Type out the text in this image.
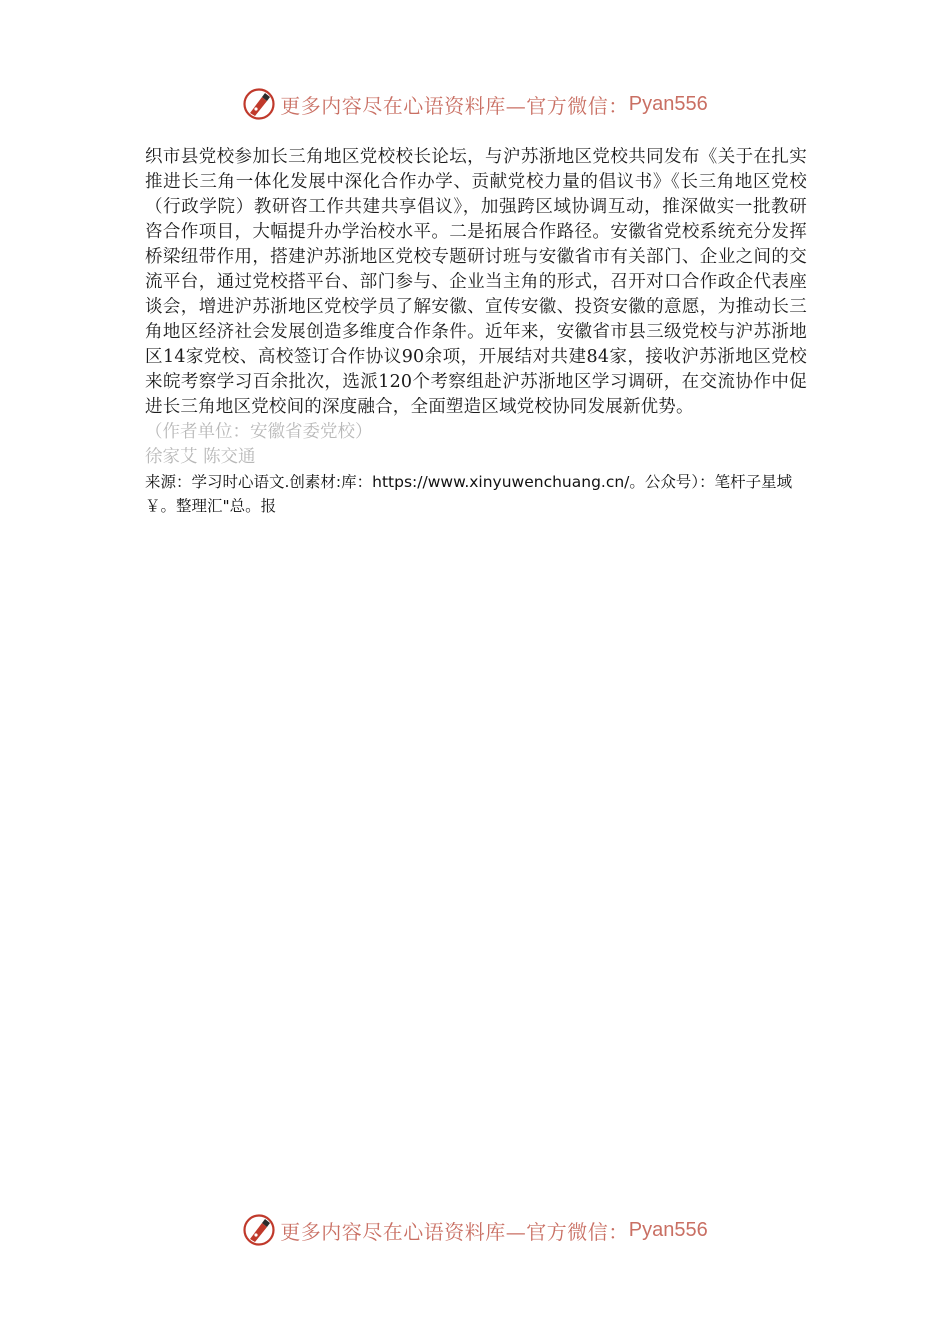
更多内容尽在心语资料库—官方微信： Pyan556

织市县党校参加长三角地区党校校长论坛，与沪苏浙地区党校共同发布《关于在扎实推进长三角一体化发展中深化合作办学、贡献党校力量的倡议书》《长三角地区党校（行政学院）教研咨工作共建共享倡议》，加强跨区域协调互动，推深做实一批教研咨合作项目，大幅提升办学治校水平。二是拓展合作路径。安徽省党校系统充分发挥桥梁纽带作用，搭建沪苏浙地区党校专题研讨班与安徽省市有关部门、企业之间的交流平台，通过党校搭平台、部门参与、企业当主角的形式，召开对口合作政企代表座谈会，增进沪苏浙地区党校学员了解安徽、宣传安徽、投资安徽的意愿，为推动长三角地区经济社会发展创造多维度合作条件。近年来，安徽省市县三级党校与沪苏浙地区14家党校、高校签订合作协议90余项，开展结对共建84家，接收沪苏浙地区党校来皖考察学习百余批次，选派120个考察组赴沪苏浙地区学习调研，在交流协作中促进长三角地区党校间的深度融合，全面塑造区域党校协同发展新优势。

（作者单位：安徽省委党校）

徐家艾 陈交通

来源：学习时心语文.创素材:库：https://www.xinyuwenchuang.cn/。公众号）：笔杆子星域￥。整理汇"总。报

更多内容尽在心语资料库—官方微信： Pyan556
